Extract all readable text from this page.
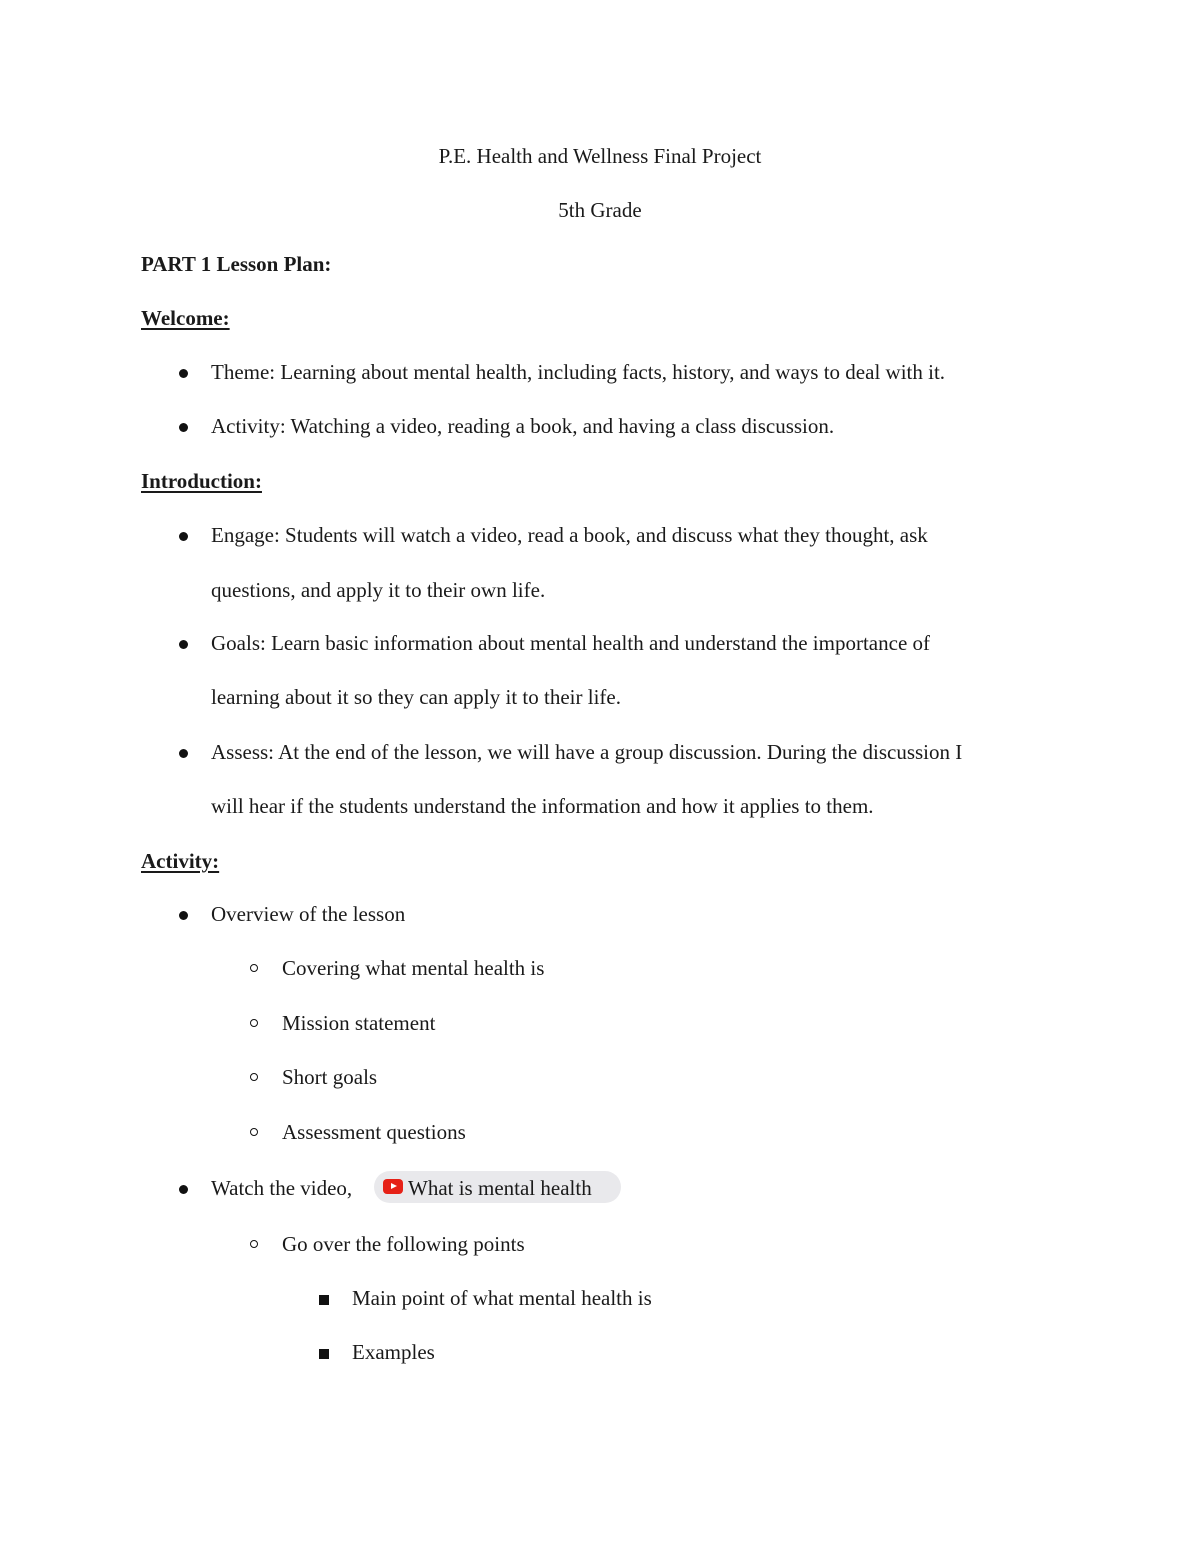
P.E. Health and Wellness Final Project
5th Grade
PART 1 Lesson Plan:
Welcome:
Theme: Learning about mental health, including facts, history, and ways to deal with it.
Activity: Watching a video, reading a book, and having a class discussion.
Introduction:
Engage: Students will watch a video, read a book, and discuss what they thought, ask
questions, and apply it to their own life.
Goals: Learn basic information about mental health and understand the importance of
learning about it so they can apply it to their life.
Assess: At the end of the lesson, we will have a group discussion. During the discussion I
will hear if the students understand the information and how it applies to them.
Activity:
Overview of the lesson
Covering what mental health is
Mission statement
Short goals
Assessment questions
Watch the video,	What is mental health
Go over the following points
Main point of what mental health is
Examples
